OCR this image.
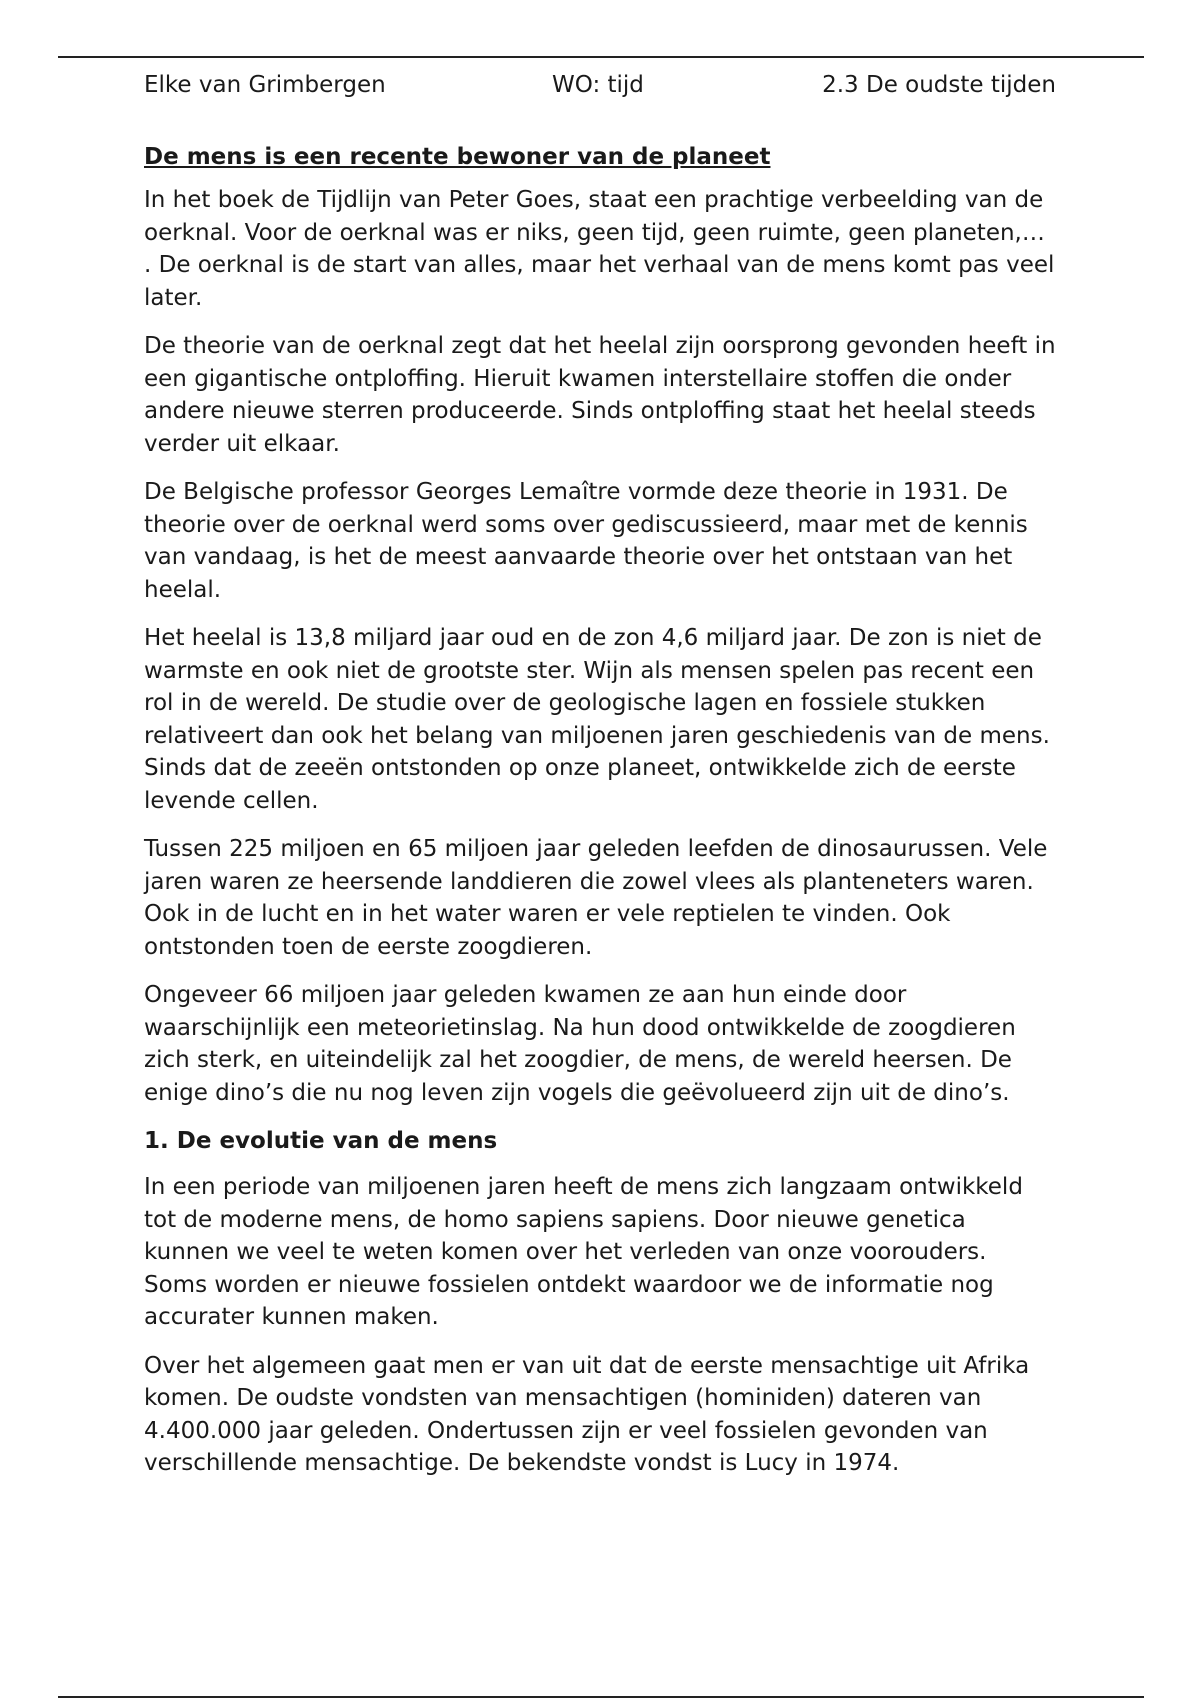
Elke van Grimbergen	WO: tijd	2.3 De oudste tijden
De mens is een recente bewoner van de planeet

In het boek de Tijdlijn van Peter Goes, staat een prachtige verbeelding van de oerknal. Voor de oerknal was er niks, geen tijd, geen ruimte, geen planeten,… . De oerknal is de start van alles, maar het verhaal van de mens komt pas veel later.

De theorie van de oerknal zegt dat het heelal zijn oorsprong gevonden heeft in een gigantische ontploffing. Hieruit kwamen interstellaire stoffen die onder andere nieuwe sterren produceerde. Sinds ontploffing staat het heelal steeds verder uit elkaar.

De Belgische professor Georges Lemaître vormde deze theorie in 1931. De theorie over de oerknal werd soms over gediscussieerd, maar met de kennis van vandaag, is het de meest aanvaarde theorie over het ontstaan van het heelal.

Het heelal is 13,8 miljard jaar oud en de zon 4,6 miljard jaar. De zon is niet de warmste en ook niet de grootste ster. Wijn als mensen spelen pas recent een rol in de wereld. De studie over de geologische lagen en fossiele stukken relativeert dan ook het belang van miljoenen jaren geschiedenis van de mens. Sinds dat de zeeën ontstonden op onze planeet, ontwikkelde zich de eerste levende cellen.

Tussen 225 miljoen en 65 miljoen jaar geleden leefden de dinosaurussen. Vele jaren waren ze heersende landdieren die zowel vlees als planteneters waren. Ook in de lucht en in het water waren er vele reptielen te vinden. Ook ontstonden toen de eerste zoogdieren.

Ongeveer 66 miljoen jaar geleden kwamen ze aan hun einde door waarschijnlijk een meteorietinslag. Na hun dood ontwikkelde de zoogdieren zich sterk, en uiteindelijk zal het zoogdier, de mens, de wereld heersen. De enige dino’s die nu nog leven zijn vogels die geëvolueerd zijn uit de dino’s.

1. De evolutie van de mens

In een periode van miljoenen jaren heeft de mens zich langzaam ontwikkeld tot de moderne mens, de homo sapiens sapiens. Door nieuwe genetica kunnen we veel te weten komen over het verleden van onze voorouders. Soms worden er nieuwe fossielen ontdekt waardoor we de informatie nog accurater kunnen maken.

Over het algemeen gaat men er van uit dat de eerste mensachtige uit Afrika komen. De oudste vondsten van mensachtigen (hominiden) dateren van 4.400.000 jaar geleden. Ondertussen zijn er veel fossielen gevonden van verschillende mensachtige. De bekendste vondst is Lucy in 1974.
